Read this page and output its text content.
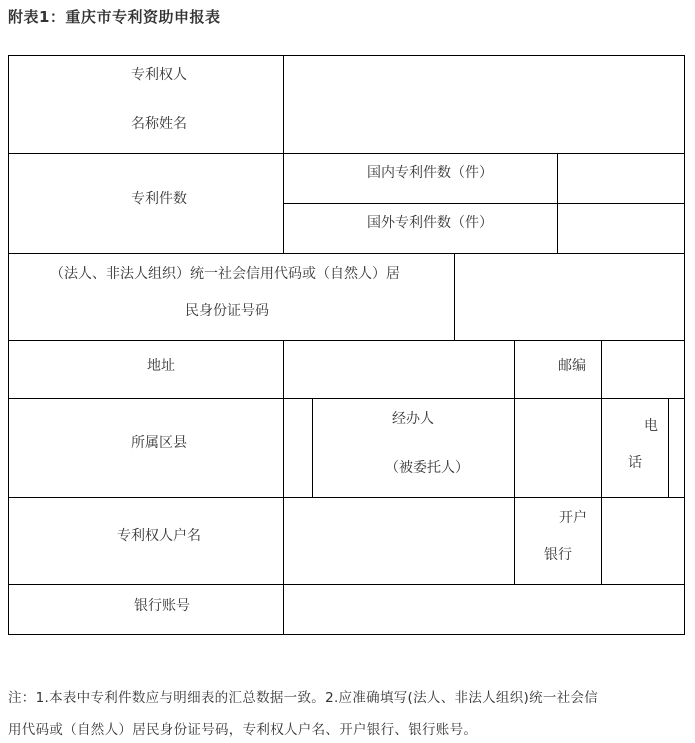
附表1：重庆市专利资助申报表
专利权人
名称姓名
专利件数
国内专利件数（件）
国外专利件数（件）
（法人、非法人组织）统一社会信用代码或（自然人）居
民身份证号码
地址	邮编
所属区县
经办人
（被委托人）
电
话
专利权人户名
开户
银行
银行账号
注：1.本表中专利件数应与明细表的汇总数据一致。2.应准确填写(法人、非法人组织)统一社会信
用代码或（自然人）居民身份证号码，专利权人户名、开户银行、银行账号。
